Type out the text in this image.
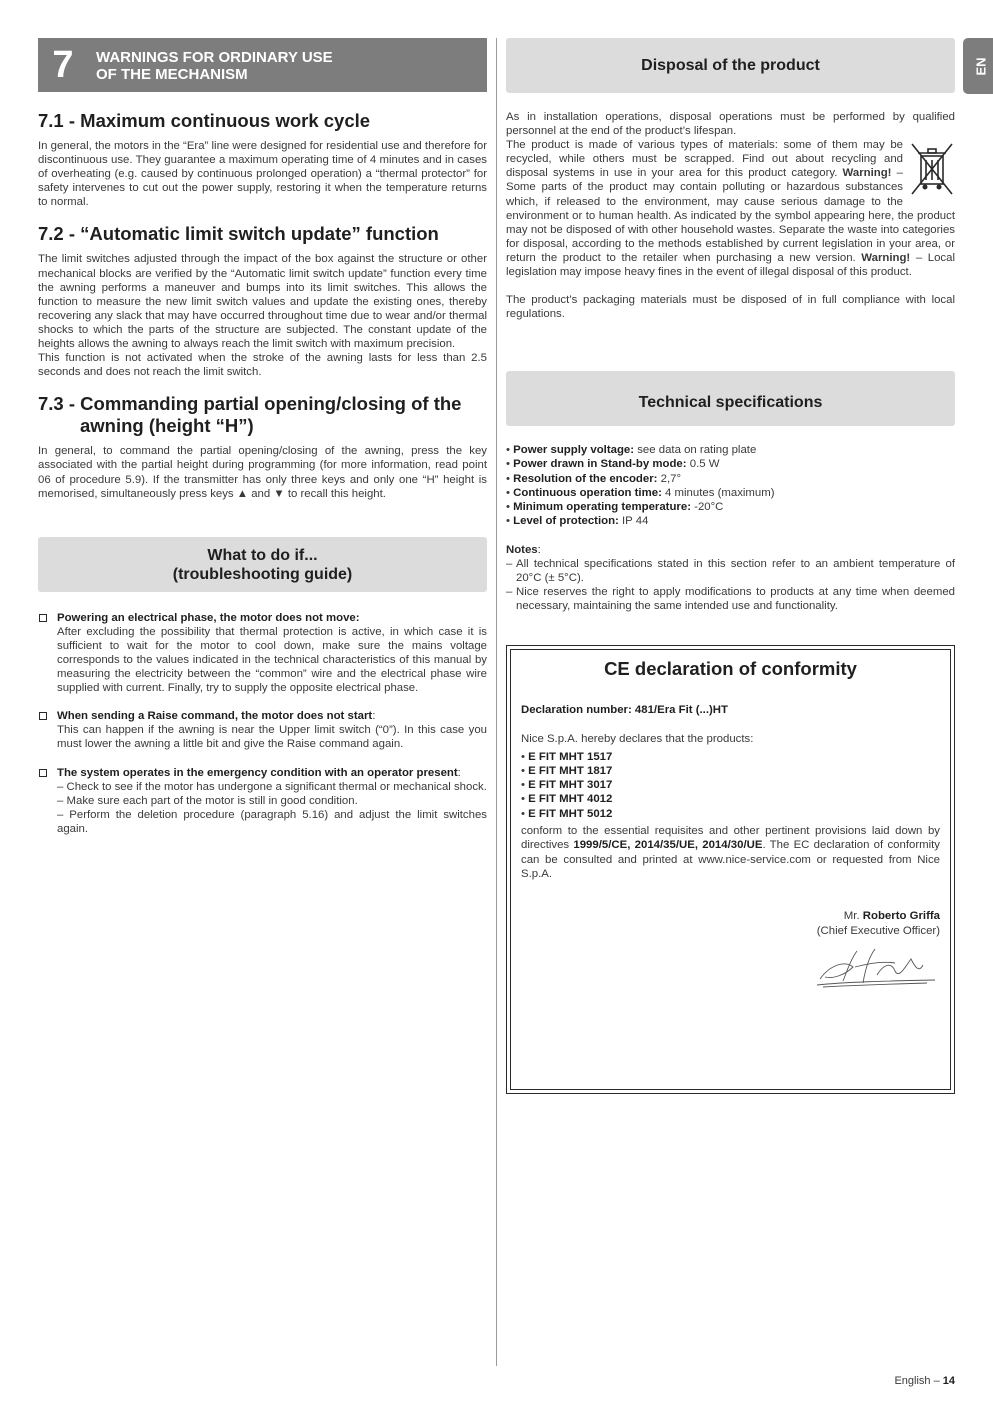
7	WARNINGS FOR ORDINARY USE
OF THE MECHANISM
7.1 - Maximum continuous work cycle

In general, the motors in the “Era” line were designed for residential use and therefore for discontinuous use. They guarantee a maximum operating time of 4 minutes and in cases of overheating (e.g. caused by continuous prolonged operation) a “thermal protector” for safety intervenes to cut out the power supply, restoring it when the temperature returns to normal.

7.2 - “Automatic limit switch update” function

The limit switches adjusted through the impact of the box against the structure or other mechanical blocks are verified by the “Automatic limit switch update” function every time the awning performs a maneuver and bumps into its limit switches. This allows the function to measure the new limit switch values and update the existing ones, thereby recovering any slack that may have occurred throughout time due to wear and/or thermal shocks to which the parts of the structure are subjected. The constant update of the heights allows the awning to always reach the limit switch with maximum precision.

This function is not activated when the stroke of the awning lasts for less than 2.5 seconds and does not reach the limit switch.

7.3 - Commanding partial opening/closing of the
awning (height “H”)

In general, to command the partial opening/closing of the awning, press the key associated with the partial height during programming (for more information, read point 06 of procedure 5.9). If the transmitter has only three keys and only one “H” height is memorised, simultaneously press keys ▲ and ▼ to recall this height.

What to do if...
(troubleshooting guide)
Powering an electrical phase, the motor does not move:
After excluding the possibility that thermal protection is active, in which case it is sufficient to wait for the motor to cool down, make sure the mains voltage corresponds to the values indicated in the technical characteristics of this manual by measuring the electricity between the “common” wire and the electrical phase wire supplied with current. Finally, try to supply the opposite electrical phase.
When sending a Raise command, the motor does not start:
This can happen if the awning is near the Upper limit switch (“0”). In this case you must lower the awning a little bit and give the Raise command again.
The system operates in the emergency condition with an operator present:
– Check to see if the motor has undergone a significant thermal or mechanical shock.
– Make sure each part of the motor is still in good condition.
– Perform the deletion procedure (paragraph 5.16) and adjust the limit switches again.
Disposal of the product

As in installation operations, disposal operations must be performed by qualified personnel at the end of the product’s lifespan.

The product is made of various types of materials: some of them may be recycled, while others must be scrapped. Find out about recycling and disposal systems in use in your area for this product category. Warning! – Some parts of the product may contain polluting or hazardous substances which, if released to the environment, may cause serious damage to the environment or to human health. As indicated by the symbol appearing here, the product may not be disposed of with other household wastes. Separate the waste into categories for disposal, according to the methods established by current legislation in your area, or return the product to the retailer when purchasing a new version. Warning! – Local legislation may impose heavy fines in the event of illegal disposal of this product.

The product’s packaging materials must be disposed of in full compliance with local regulations.

Technical specifications
• Power supply voltage: see data on rating plate
• Power drawn in Stand-by mode: 0.5 W
• Resolution of the encoder: 2,7°
• Continuous operation time: 4 minutes (maximum)
• Minimum operating temperature: -20°C
• Level of protection: IP 44
Notes:
– All technical specifications stated in this section refer to an ambient temperature of 20°C (± 5°C).
– Nice reserves the right to apply modifications to products at any time when deemed necessary, maintaining the same intended use and functionality.
CE declaration of conformity
Declaration number: 481/Era Fit (...)HT
Nice S.p.A. hereby declares that the products:
• E FIT MHT 1517
• E FIT MHT 1817
• E FIT MHT 3017
• E FIT MHT 4012
• E FIT MHT 5012

conform to the essential requisites and other pertinent provisions laid down by directives 1999/5/CE, 2014/35/UE, 2014/30/UE. The EC declaration of conformity can be consulted and printed at www.nice-service.com or requested from Nice S.p.A.

Mr. Roberto Griffa
(Chief Executive Officer)
EN
English – 14
